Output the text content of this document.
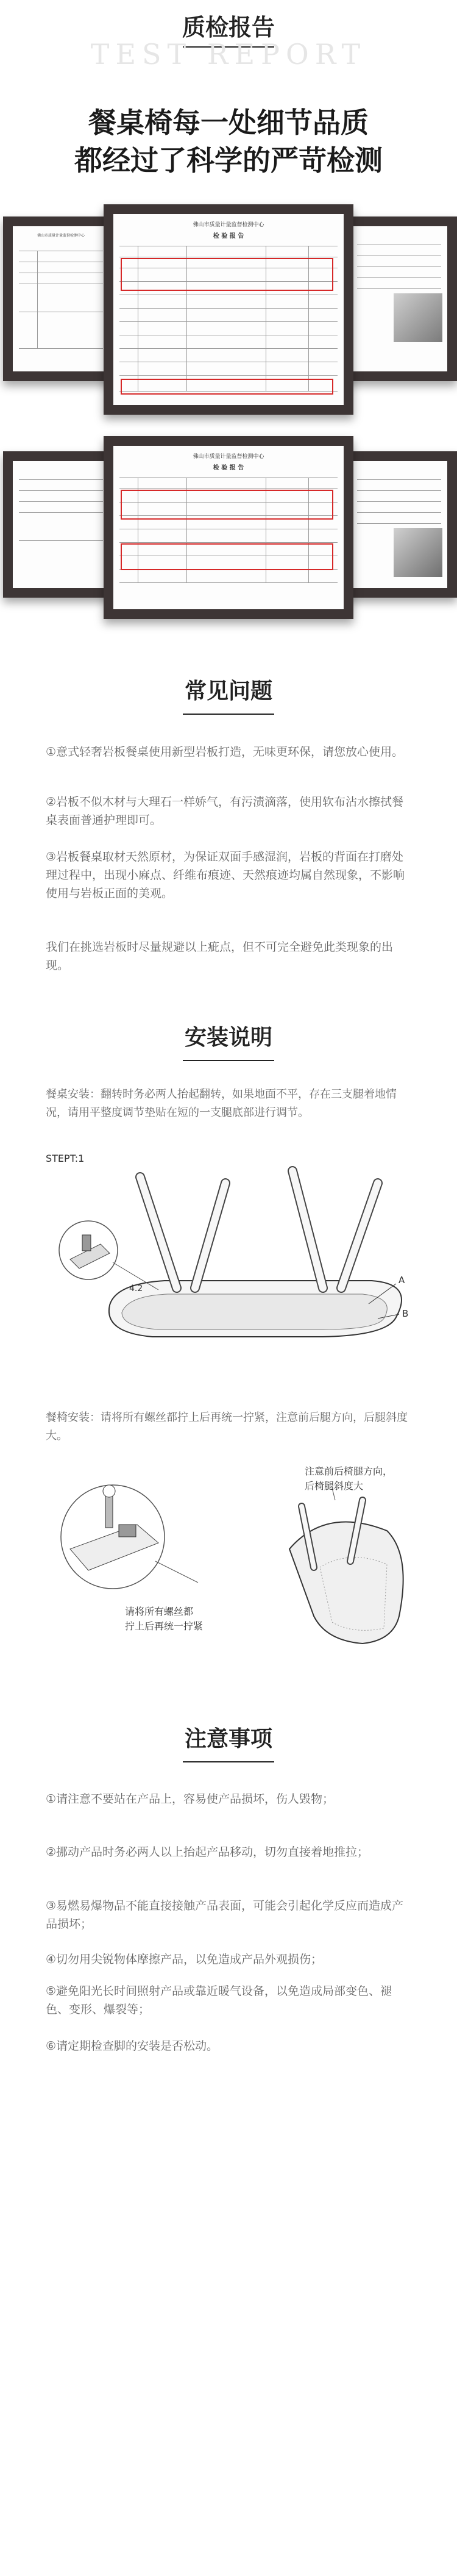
质检报告
TEST REPORT
餐桌椅每一处细节品质
都经过了科学的严苛检测
佛山市质量计量监督检测中心
佛山市质量计量监督检测中心
检 验 报 告
佛山市质量计量监督检测中心
检 验 报 告
常见问题
①意式轻奢岩板餐桌使用新型岩板打造，无味更环保，请您放心使用。
②岩板不似木材与大理石一样娇气，有污渍滴落，使用软布沾水擦拭餐桌表面普通护理即可。
③岩板餐桌取材天然原材，为保证双面手感湿润，岩板的背面在打磨处理过程中，出现小麻点、纤维布痕迹、天然痕迹均属自然现象，不影响使用与岩板正面的美观。
我们在挑选岩板时尽量规避以上疵点，但不可完全避免此类现象的出现。
安装说明
餐桌安装：翻转时务必两人抬起翻转，如果地面不平，存在三支腿着地情况，请用平整度调节垫贴在短的一支腿底部进行调节。
STEPT:1
A
B
4.2
餐椅安装：请将所有螺丝都拧上后再统一拧紧，注意前后腿方向，后腿斜度大。
注意前后椅腿方向，
后椅腿斜度大
请将所有螺丝都
拧上后再统一拧紧
注意事项
①请注意不要站在产品上，容易使产品损坏，伤人毁物；
②挪动产品时务必两人以上抬起产品移动，切勿直接着地推拉；
③易燃易爆物品不能直接接触产品表面，可能会引起化学反应而造成产品损坏；
④切勿用尖锐物体摩擦产品，以免造成产品外观损伤；
⑤避免阳光长时间照射产品或靠近暖气设备，以免造成局部变色、褪色、变形、爆裂等；
⑥请定期检查脚的安装是否松动。
